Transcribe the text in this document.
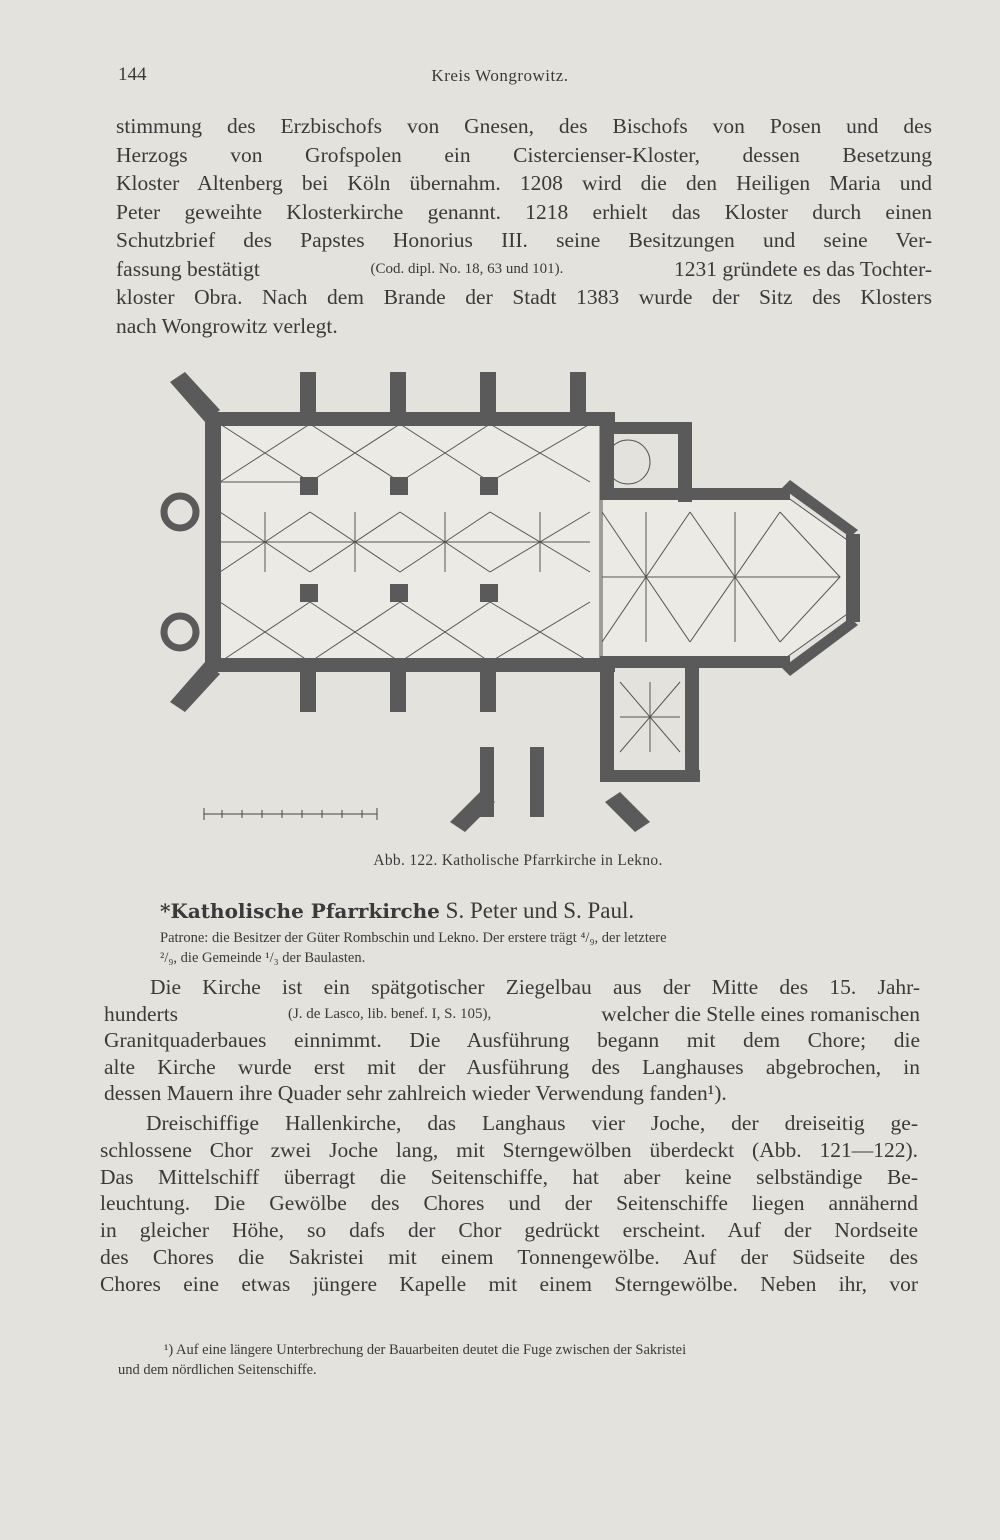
144	Kreis Wongrowitz.
stimmung des Erzbischofs von Gnesen, des Bischofs von Posen und des
Herzogs von Grofspolen ein Cistercienser-Kloster, dessen Besetzung
Kloster Altenberg bei Köln übernahm. 1208 wird die den Heiligen Maria und
Peter geweihte Klosterkirche genannt. 1218 erhielt das Kloster durch einen
Schutzbrief des Papstes Honorius III. seine Besitzungen und seine Ver-
fassung bestätigt	(Cod. dipl. No. 18, 63 und 101).	1231 gründete es das Tochter-
kloster Obra. Nach dem Brande der Stadt 1383 wurde der Sitz des Klosters
nach Wongrowitz verlegt.
Abb. 122. Katholische Pfarrkirche in Lekno.
*Katholische Pfarrkirche S. Peter und S. Paul.
Patrone: die Besitzer der Güter Rombschin und Lekno. Der erstere trägt ⁴/₉, der letztere
²/₉, die Gemeinde ¹/₃ der Baulasten.
Die Kirche ist ein spätgotischer Ziegelbau aus der Mitte des 15. Jahr-
hunderts	(J. de Lasco, lib. benef. I, S. 105),	welcher die Stelle eines romanischen
Granitquaderbaues einnimmt. Die Ausführung begann mit dem Chore; die
alte Kirche wurde erst mit der Ausführung des Langhauses abgebrochen, in
dessen Mauern ihre Quader sehr zahlreich wieder Verwendung fanden¹).
Dreischiffige Hallenkirche, das Langhaus vier Joche, der dreiseitig ge-
schlossene Chor zwei Joche lang, mit Sterngewölben überdeckt (Abb. 121—122).
Das Mittelschiff überragt die Seitenschiffe, hat aber keine selbständige Be-
leuchtung. Die Gewölbe des Chores und der Seitenschiffe liegen annähernd
in gleicher Höhe, so dafs der Chor gedrückt erscheint. Auf der Nordseite
des Chores die Sakristei mit einem Tonnengewölbe. Auf der Südseite des
Chores eine etwas jüngere Kapelle mit einem Sterngewölbe. Neben ihr, vor
¹) Auf eine längere Unterbrechung der Bauarbeiten deutet die Fuge zwischen der Sakristei
und dem nördlichen Seitenschiffe.
